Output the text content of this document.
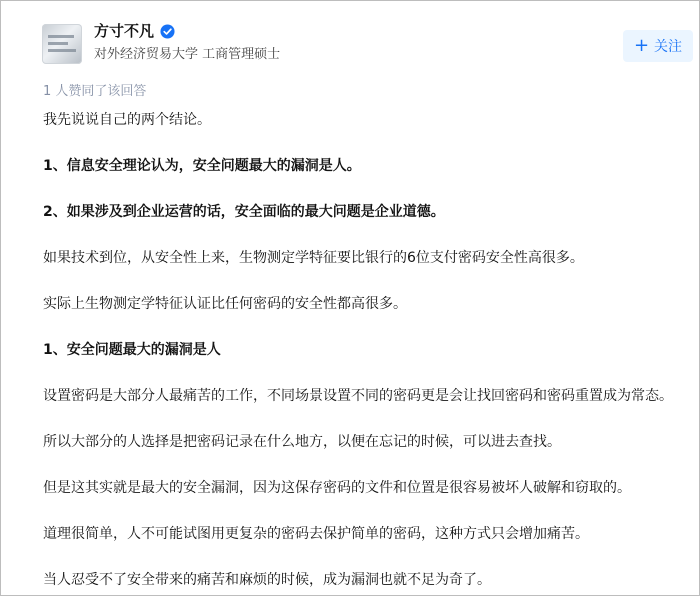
方寸不凡
对外经济贸易大学 工商管理硕士	+ 关注
1 人赞同了该回答

我先说说自己的两个结论。

1、信息安全理论认为，安全问题最大的漏洞是人。

2、如果涉及到企业运营的话，安全面临的最大问题是企业道德。

如果技术到位，从安全性上来，生物测定学特征要比银行的6位支付密码安全性高很多。

实际上生物测定学特征认证比任何密码的安全性都高很多。

1、安全问题最大的漏洞是人

设置密码是大部分人最痛苦的工作，不同场景设置不同的密码更是会让找回密码和密码重置成为常态。

所以大部分的人选择是把密码记录在什么地方，以便在忘记的时候，可以进去查找。

但是这其实就是最大的安全漏洞，因为这保存密码的文件和位置是很容易被坏人破解和窃取的。

道理很简单，人不可能试图用更复杂的密码去保护简单的密码，这种方式只会增加痛苦。

当人忍受不了安全带来的痛苦和麻烦的时候，成为漏洞也就不足为奇了。
